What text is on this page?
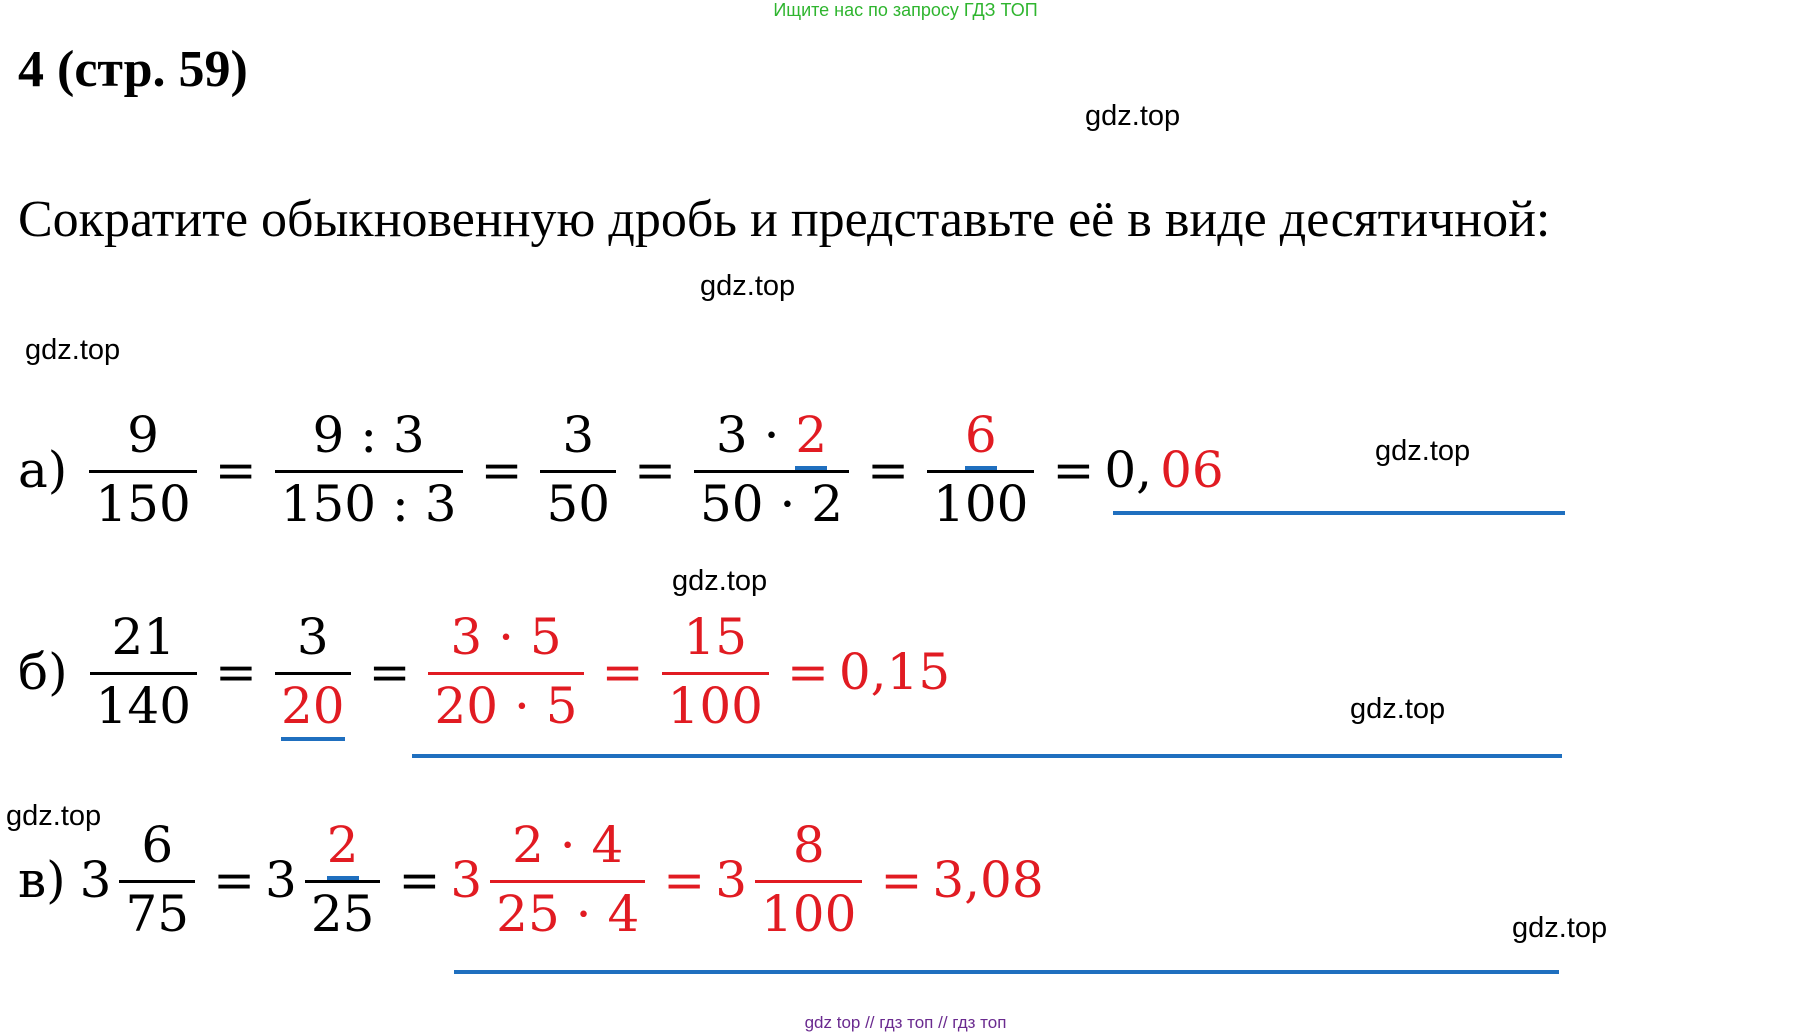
Ищите нас по запросу ГДЗ ТОП
4 (стр. 59)
gdz.top
gdz.top
gdz.top
gdz.top
gdz.top
gdz.top
gdz.top
gdz.top
Сократите обыкновенную дробь и представьте её в виде десятичной:
$а) \frac{9}{150} = \frac{9 : 3}{150 : 3} = \frac{3}{50} = \frac{3 \cdot 2}{50 \cdot 2} = \frac{6}{100} = 0$, 06
$б) \frac{21}{140} = \frac{3}{20} = \frac{3 \cdot 5}{20 \cdot 5} = \frac{15}{100} = 0,15$
в) $3 \frac{6}{75} = 3 \frac{2}{25} = 3 \frac{2 \cdot 4}{25 \cdot 4} = 3 \frac{8}{100} = 3,08$
gdz top // гдз топ // гдз топ
